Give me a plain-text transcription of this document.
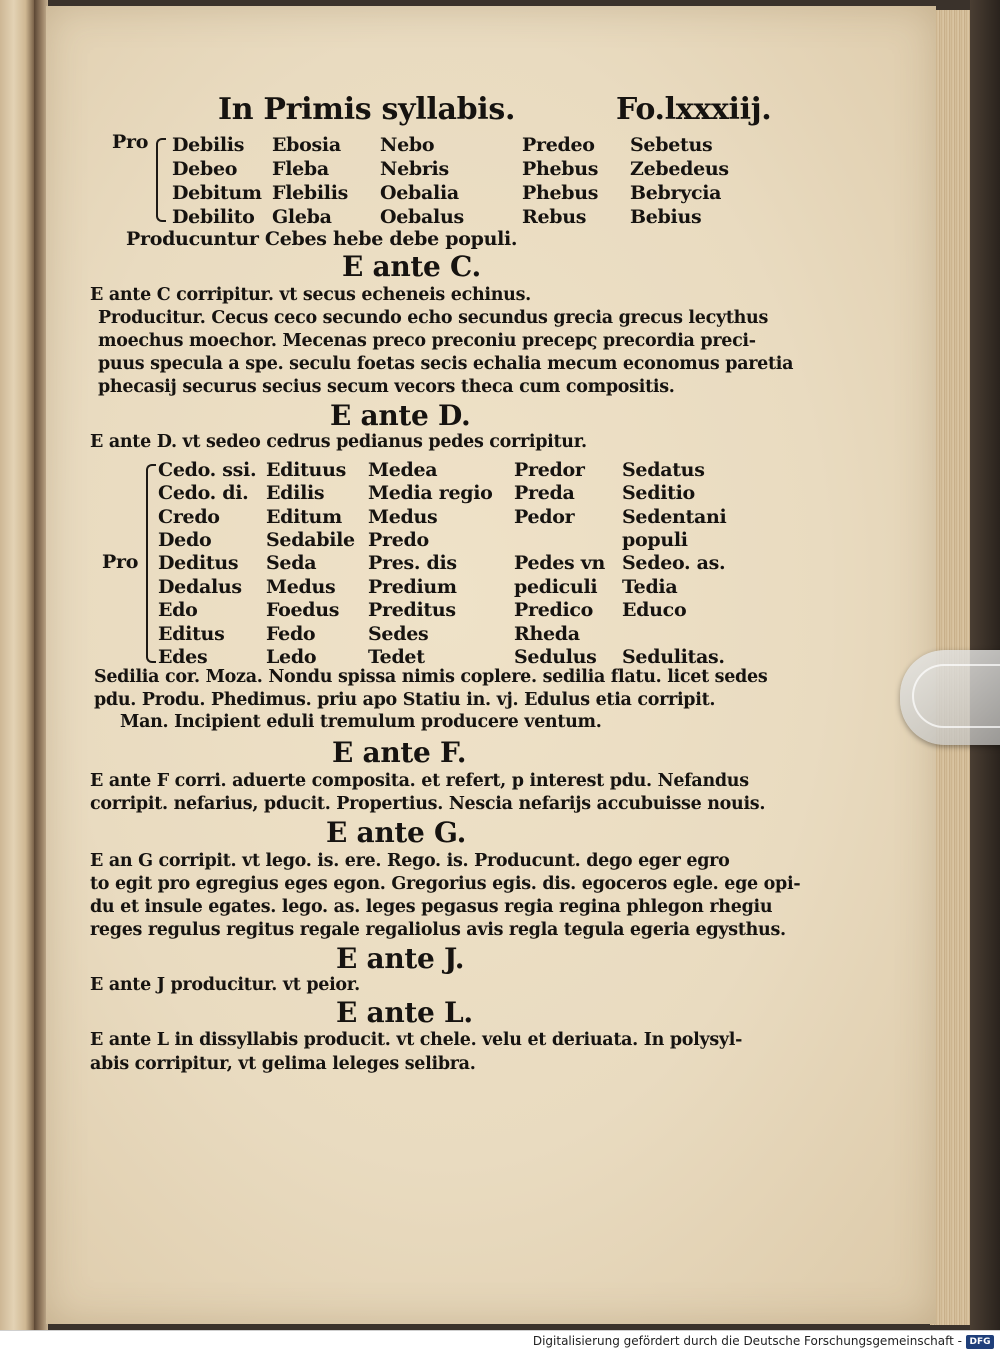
In Primis syllabis.	Fo.lxxxiij.
Pro Debilis
Debeo
Debitum
Debilito
Ebosia
Fleba
Flebilis
Gleba
Nebo
Nebris
Oebalia
Oebalus
Predeo
Phebus
Phebus
Rebus
Sebetus
Zebedeus
Bebrycia
Bebius
Producuntur Cebes hebe debe populi.
E ante C.
E ante C corripitur. vt secus echeneis echinus.
Producitur. Cecus ceco secundo echo secundus grecia grecus lecythus
moechus moechor. Mecenas preco preconiu precepς precordia preci-
puus specula a spe. seculu foetas secis echalia mecum economus paretia
phecasij securus secius secum vecors theca cum compositis.
E ante D.
E ante D. vt sedeo cedrus pedianus pedes corripitur.
Pro
Cedo. ssi.
Cedo. di.
Credo
Dedo
Deditus
Dedalus
Edo
Editus
Edes
Edituus
Edilis
Editum
Sedabile
Seda
Medus
Foedus
Fedo
Ledo
Medea
Media regio
Medus
Predo
Pres. dis
Predium
Preditus
Sedes
Tedet
Predor
Preda
Pedor
Pedes vn
pediculi
Predico
Rheda
Sedulus
Sedatus
Seditio
Sedentani
populi
Sedeo. as.
Tedia
Educo
Sedulitas.
Sedilia cor. Moza. Nondu spissa nimis coplere. sedilia flatu. licet sedes
pdu. Produ. Phedimus. priu apo Statiu in. vj. Edulus etia corripit.
Man. Incipient eduli tremulum producere ventum.
E ante F.
E ante F corri. aduerte composita. et refert, p interest pdu. Nefandus
corripit. nefarius, pducit. Propertius. Nescia nefarijs accubuisse nouis.
E ante G.
E an G corripit. vt lego. is. ere. Rego. is. Producunt. dego eger egro
to egit pro egregius eges egon. Gregorius egis. dis. egoceros egle. ege opi-
du et insule egates. lego. as. leges pegasus regia regina phlegon rhegiu
reges regulus regitus regale regaliolus avis regla tegula egeria egysthus.
E ante J.
E ante J producitur. vt peior.
E ante L.
E ante L in dissyllabis producit. vt chele. velu et deriuata. In polysyl-
abis corripitur, vt gelima leleges selibra.
Digitalisierung gefördert durch die Deutsche Forschungsgemeinschaft - DFG
